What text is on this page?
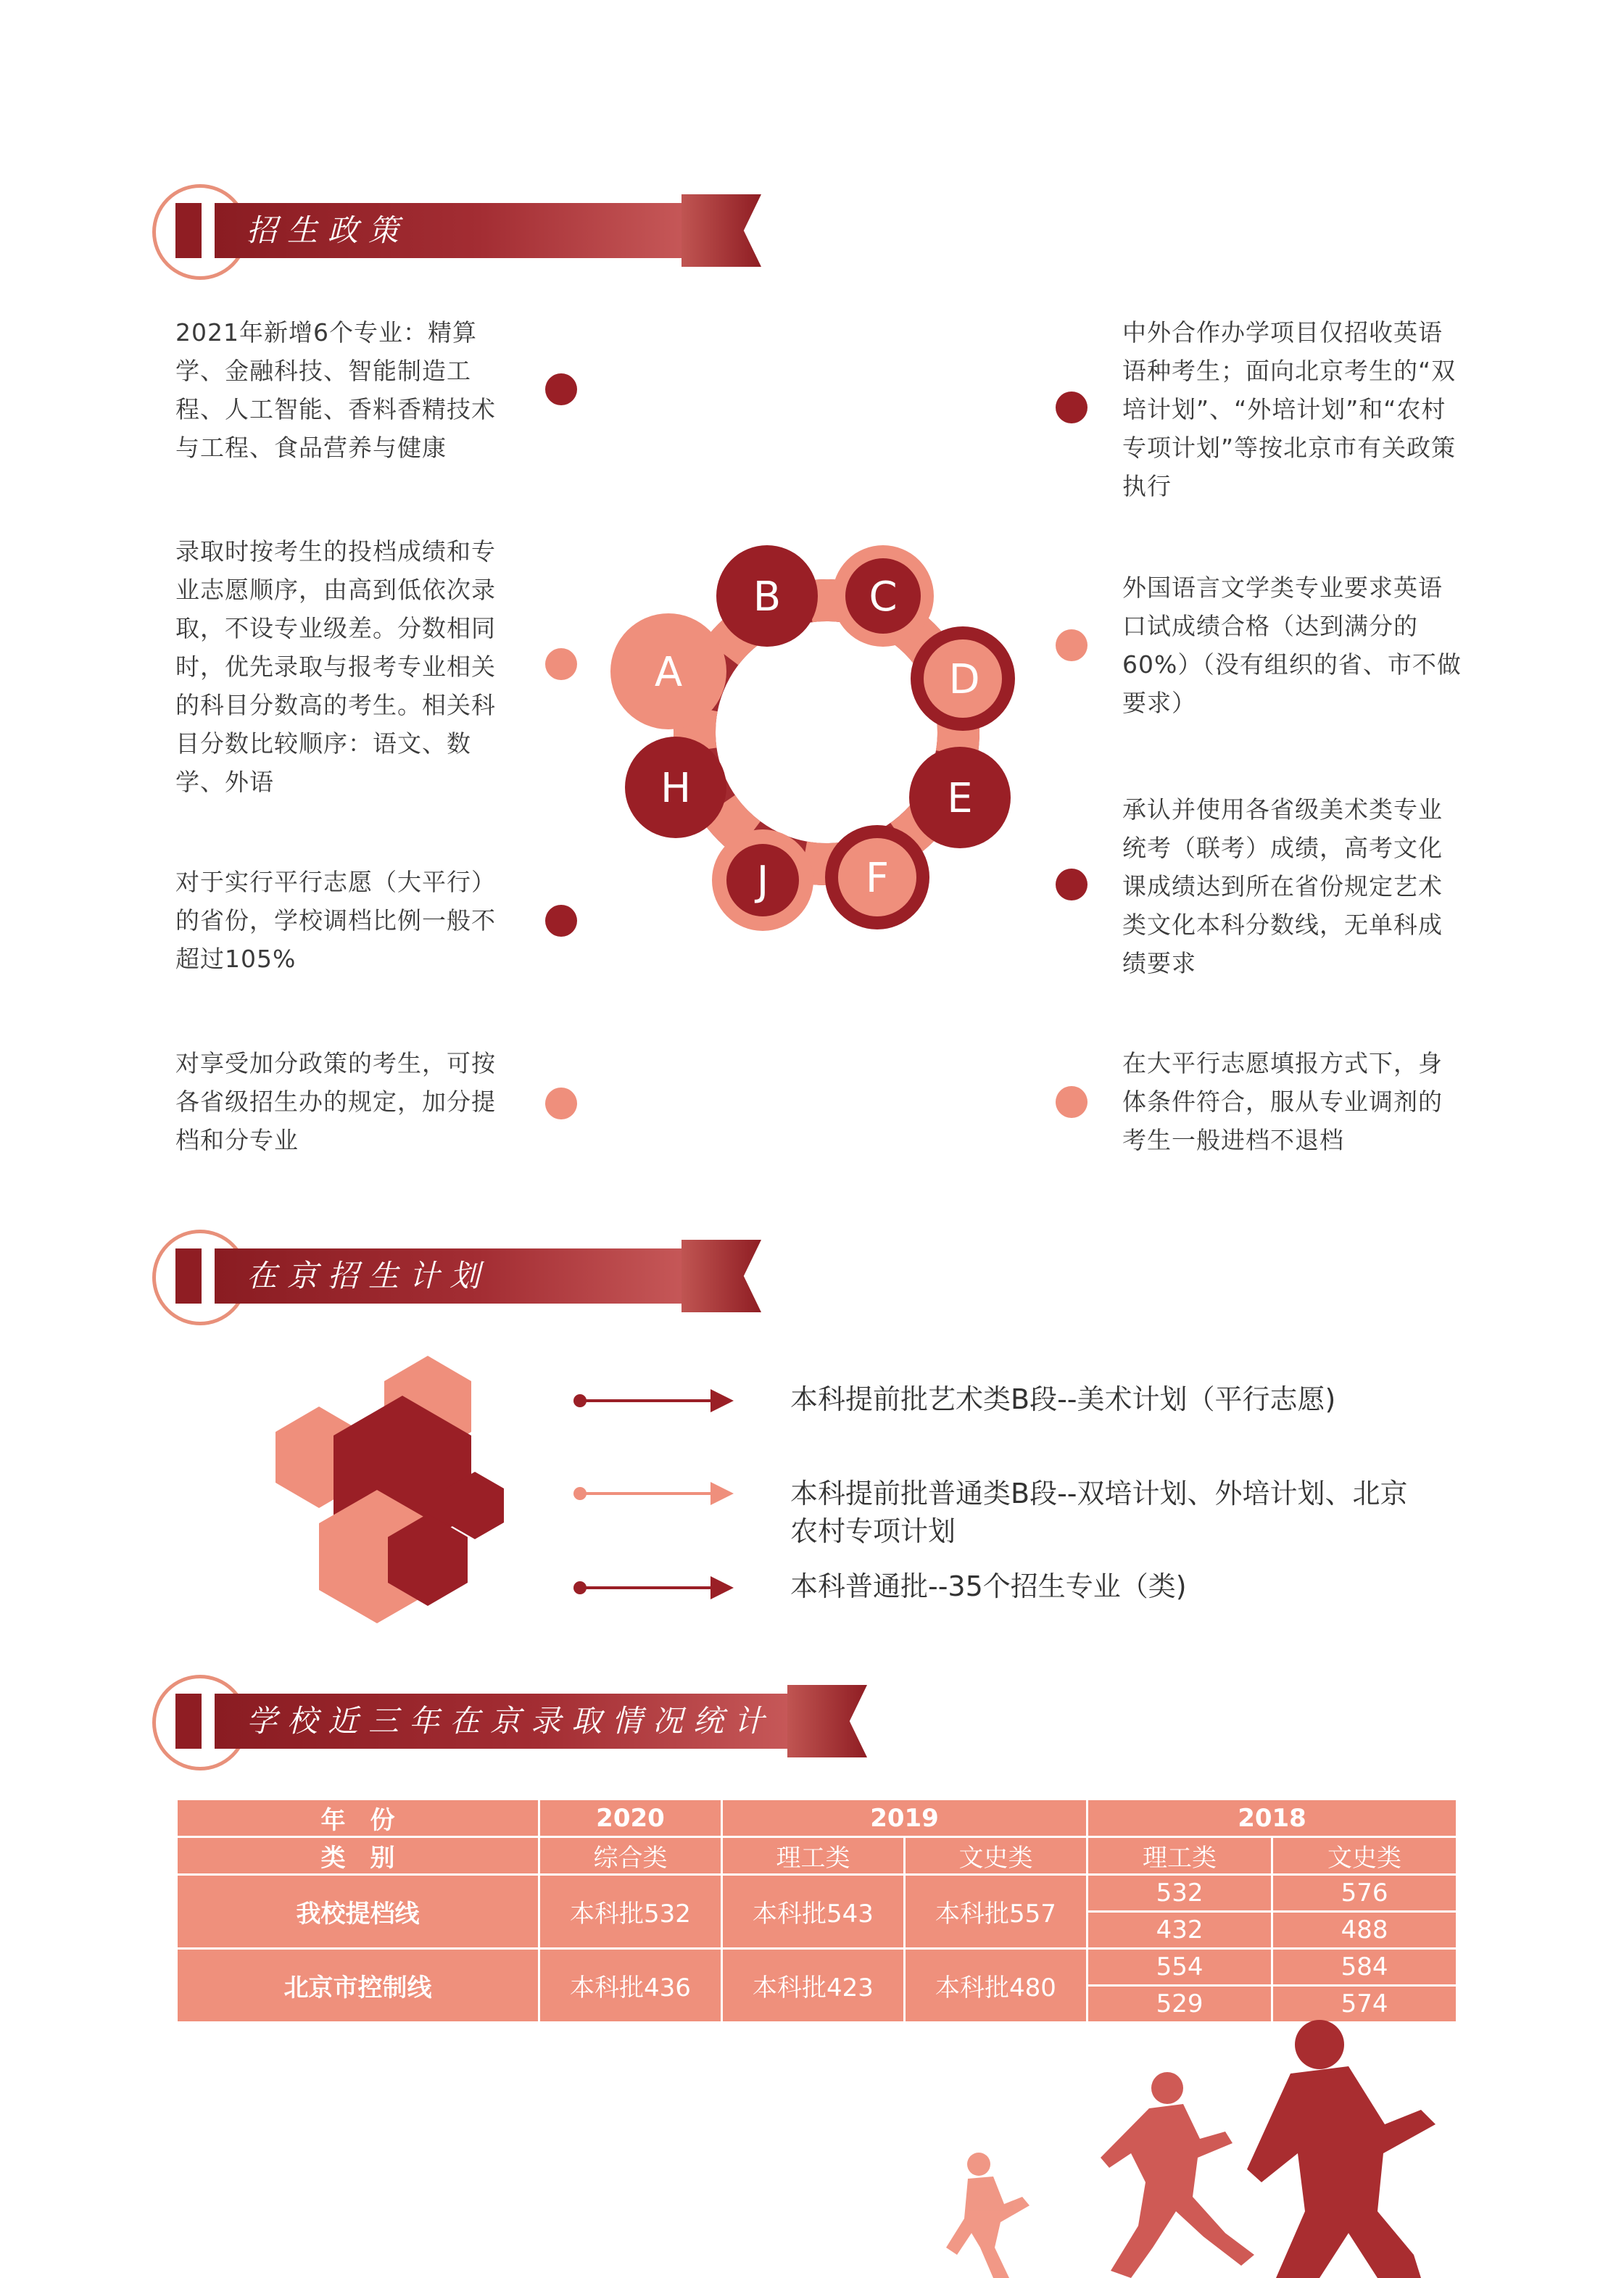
招生政策
2021年新增6个专业：精算学、金融科技、智能制造工程、人工智能、香料香精技术与工程、食品营养与健康
录取时按考生的投档成绩和专业志愿顺序，由高到低依次录取，不设专业级差。分数相同时，优先录取与报考专业相关的科目分数高的考生。相关科目分数比较顺序：语文、数学、外语
对于实行平行志愿（大平行）的省份，学校调档比例一般不超过105%
对享受加分政策的考生，可按各省级招生办的规定，加分提档和分专业
中外合作办学项目仅招收英语语种考生；面向北京考生的“双培计划”、“外培计划”和“农村专项计划”等按北京市有关政策执行
外国语言文学类专业要求英语口试成绩合格（达到满分的60%）（没有组织的省、市不做要求）
承认并使用各省级美术类专业统考（联考）成绩，高考文化课成绩达到所在省份规定艺术类文化本科分数线，无单科成绩要求
在大平行志愿填报方式下，身体条件符合，服从专业调剂的考生一般进档不退档
A
B C
D
E
F
J
H
在京招生计划
本科提前批艺术类B段--美术计划（平行志愿)
本科提前批普通类B段--双培计划、外培计划、北京农村专项计划
本科普通批--35个招生专业（类)
学校近三年在京录取情况统计
年　份	2020	2019		2018	
类　别	综合类	理工类	文史类	理工类	文史类
我校提档线	本科批532	本科批543	本科批557	532	576
				432	488
北京市控制线	本科批436	本科批423	本科批480	554	584
				529	574
